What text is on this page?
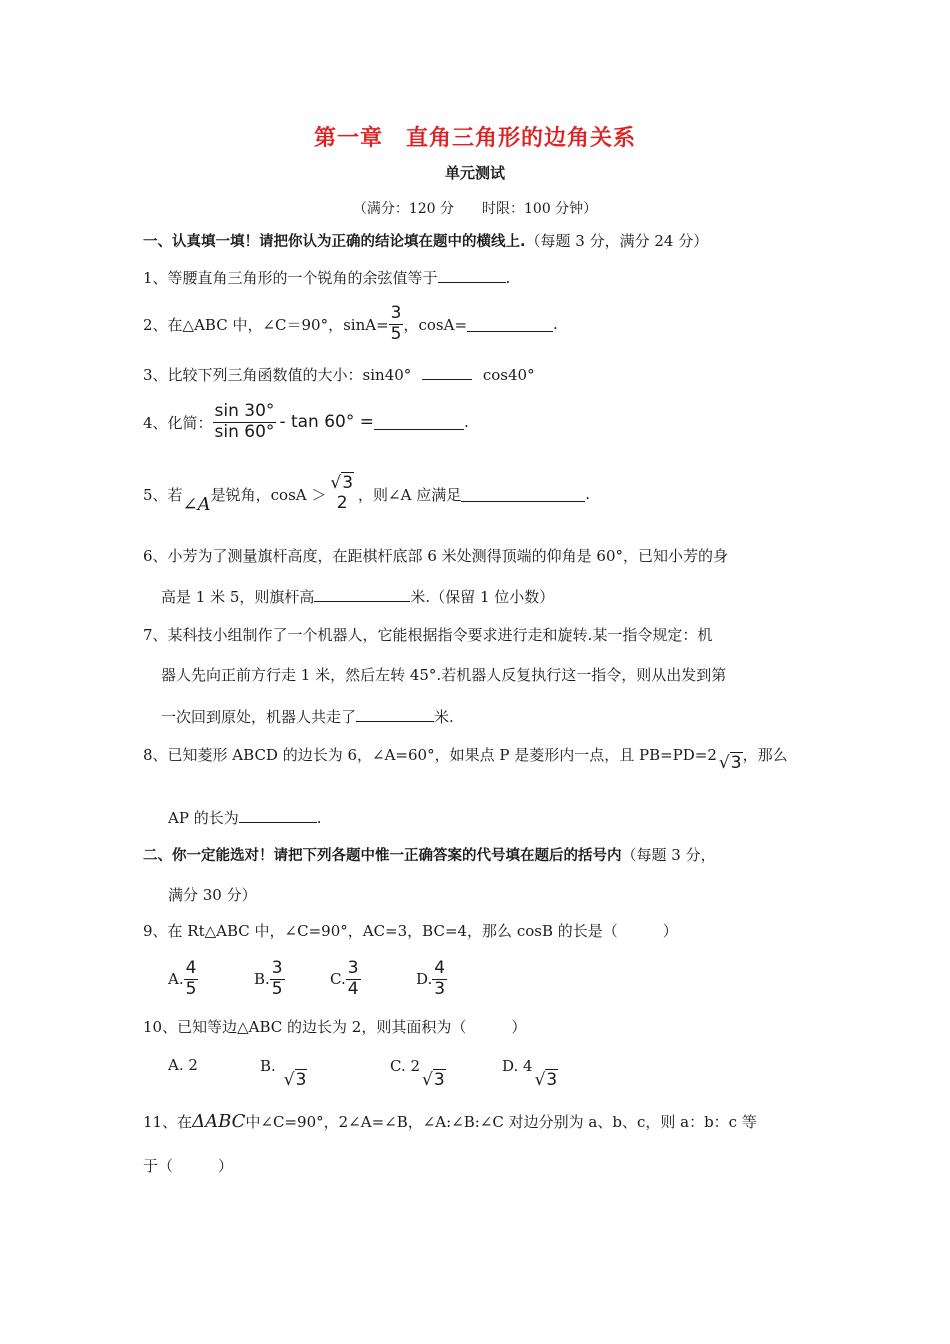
第一章　直角三角形的边角关系
单元测试
（满分：120 分　　时限：100 分钟）
一、认真填一填！请把你认为正确的结论填在题中的横线上.（每题 3 分，满分 24 分）
1、等腰直角三角形的一个锐角的余弦值等于	.
2、在△ABC 中，∠C＝90°，$\sin A= \frac{3}{5}$ ，cosA=	.
3、比较下列三角函数值的大小：sin40°	cos40°
4、化简： $\frac{\sin 30^\circ}{\sin 60^\circ}$ - tan 60° =	.
5、若 ∠A 是锐角，cosA ＞
√3
2 ，则∠A 应满足	.
6、小芳为了测量旗杆高度，在距棋杆底部 6 米处测得顶端的仰角是 60°，已知小芳的身
高是 1 米 5，则旗杆高	米.（保留 1 位小数）
7、某科技小组制作了一个机器人，它能根据指令要求进行走和旋转.某一指令规定：机
器人先向正前方行走 1 米，然后左转 45°.若机器人反复执行这一指令，则从出发到第
一次回到原处，机器人共走了	米.
8、已知菱形 ABCD 的边长为 6，∠A=60°，如果点 P 是菱形内一点，且 PB=PD=2 √3，那么
AP 的长为	.
二、你一定能选对！请把下列各题中惟一正确答案的代号填在题后的括号内（每题 3 分，
满分 30 分）
9、在 Rt△ABC 中，∠C=90°，AC=3，BC=4，那么 cosB 的长是（　　　）
A. $\frac{4}{5}$	B. $\frac{3}{5}$	C. $\frac{3}{4}$	D. $\frac{4}{3}$
10、已知等边△ABC 的边长为 2，则其面积为（　　　）
A. 2	B.√3
C. 2√3
D. 4√3
11、在ΔABC中∠C=90°，2∠A=∠B，∠A:∠B:∠C 对边分别为 a、b、c，则 a：b：c 等
于（　　　）
